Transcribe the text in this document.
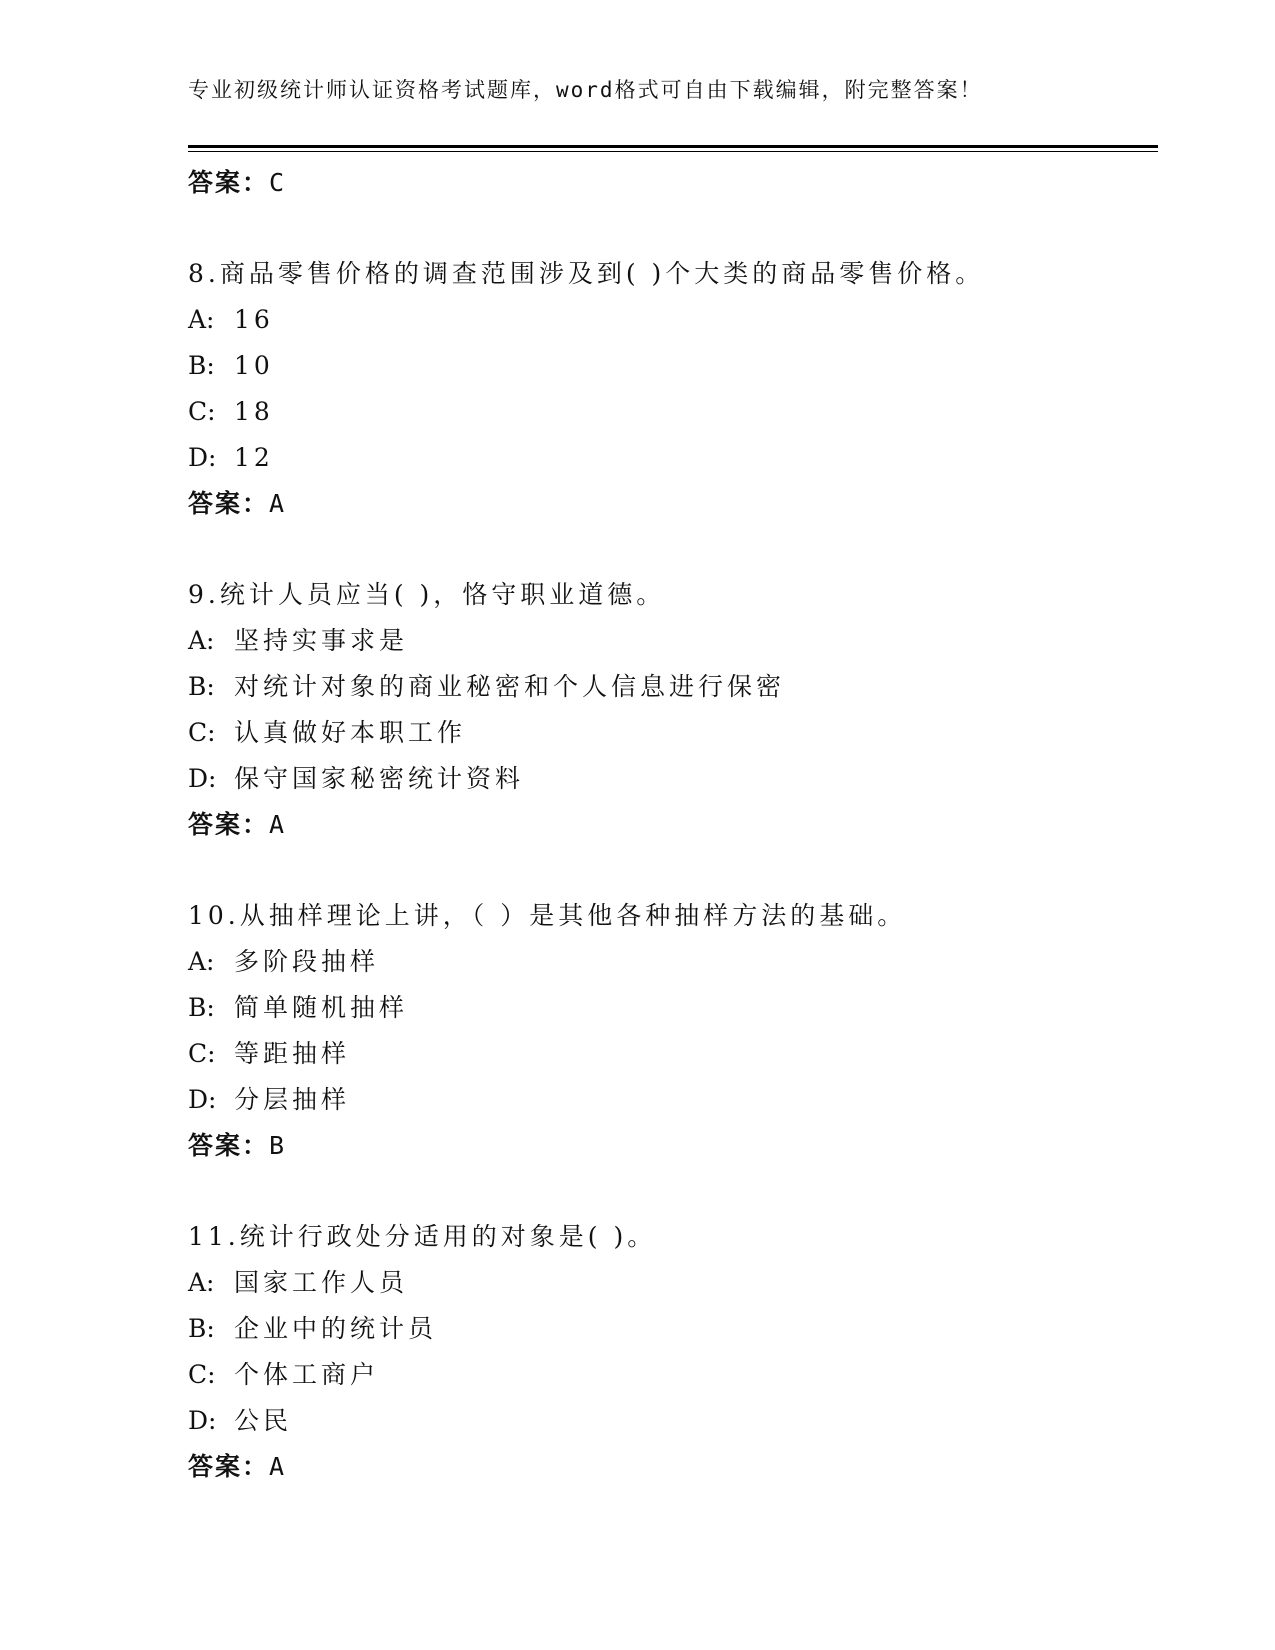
专业初级统计师认证资格考试题库，word格式可自由下载编辑，附完整答案！
答案：C
8.商品零售价格的调查范围涉及到( )个大类的商品零售价格。
A: 16
B: 10
C: 18
D: 12
答案：A
9.统计人员应当( )，恪守职业道德。
A: 坚持实事求是
B: 对统计对象的商业秘密和个人信息进行保密
C: 认真做好本职工作
D: 保守国家秘密统计资料
答案：A
10.从抽样理论上讲，（ ）是其他各种抽样方法的基础。
A: 多阶段抽样
B: 简单随机抽样
C: 等距抽样
D: 分层抽样
答案：B
11.统计行政处分适用的对象是( )。
A: 国家工作人员
B: 企业中的统计员
C: 个体工商户
D: 公民
答案：A
